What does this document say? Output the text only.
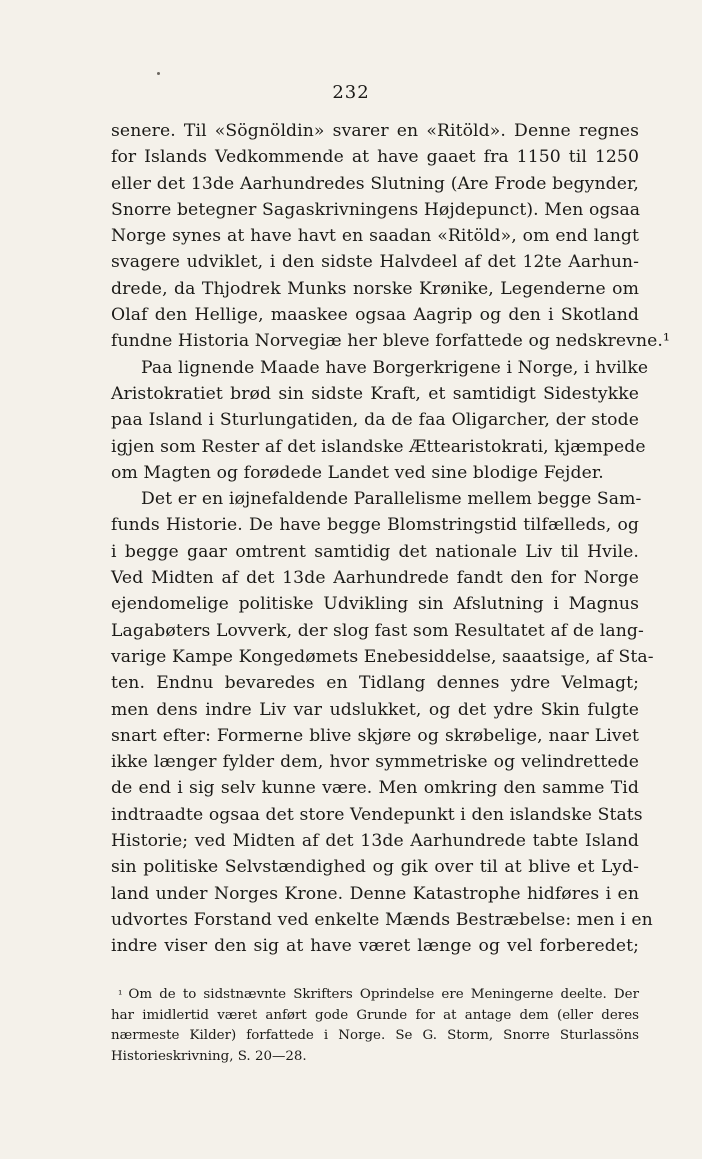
232
senere. Til «Sögnöldin» svarer en «Ritöld». Denne regnes
for Islands Vedkommende at have gaaet fra 1150 til 1250
eller det 13de Aarhundredes Slutning (Are Frode begynder,
Snorre betegner Sagaskrivningens Højdepunct). Men ogsaa
Norge synes at have havt en saadan «Ritöld», om end langt
svagere udviklet, i den sidste Halvdeel af det 12te Aarhun-
drede, da Thjodrek Munks norske Krønike, Legenderne om
Olaf den Hellige, maaskee ogsaa Aagrip og den i Skotland
fundne Historia Norvegiæ her bleve forfattede og nedskrevne.¹
Paa lignende Maade have Borgerkrigene i Norge, i hvilke
Aristokratiet brød sin sidste Kraft, et samtidigt Sidestykke
paa Island i Sturlungatiden, da de faa Oligarcher, der stode
igjen som Rester af det islandske Ættearistokrati, kjæmpede
om Magten og forødede Landet ved sine blodige Fejder.
Det er en iøjnefaldende Parallelisme mellem begge Sam-
funds Historie. De have begge Blomstringstid tilfælleds, og
i begge gaar omtrent samtidig det nationale Liv til Hvile.
Ved Midten af det 13de Aarhundrede fandt den for Norge
ejendomelige politiske Udvikling sin Afslutning i Magnus
Lagabøters Lovverk, der slog fast som Resultatet af de lang-
varige Kampe Kongedømets Enebesiddelse, saaatsige, af Sta-
ten. Endnu bevaredes en Tidlang dennes ydre Velmagt;
men dens indre Liv var udslukket, og det ydre Skin fulgte
snart efter: Formerne blive skjøre og skrøbelige, naar Livet
ikke længer fylder dem, hvor symmetriske og velindrettede
de end i sig selv kunne være. Men omkring den samme Tid
indtraadte ogsaa det store Vendepunkt i den islandske Stats
Historie; ved Midten af det 13de Aarhundrede tabte Island
sin politiske Selvstændighed og gik over til at blive et Lyd-
land under Norges Krone. Denne Katastrophe hidføres i en
udvortes Forstand ved enkelte Mænds Bestræbelse: men i en
indre viser den sig at have været længe og vel forberedet;
$^{^1}$ Om de to sidstnævnte Skrifters Oprindelse ere Meningerne deelte. Der
har imidlertid været anført gode Grunde for at antage dem (eller deres
nærmeste Kilder) forfattede i Norge. Se G. Storm, Snorre Sturlassöns
Historieskrivning, S. 20—28.
